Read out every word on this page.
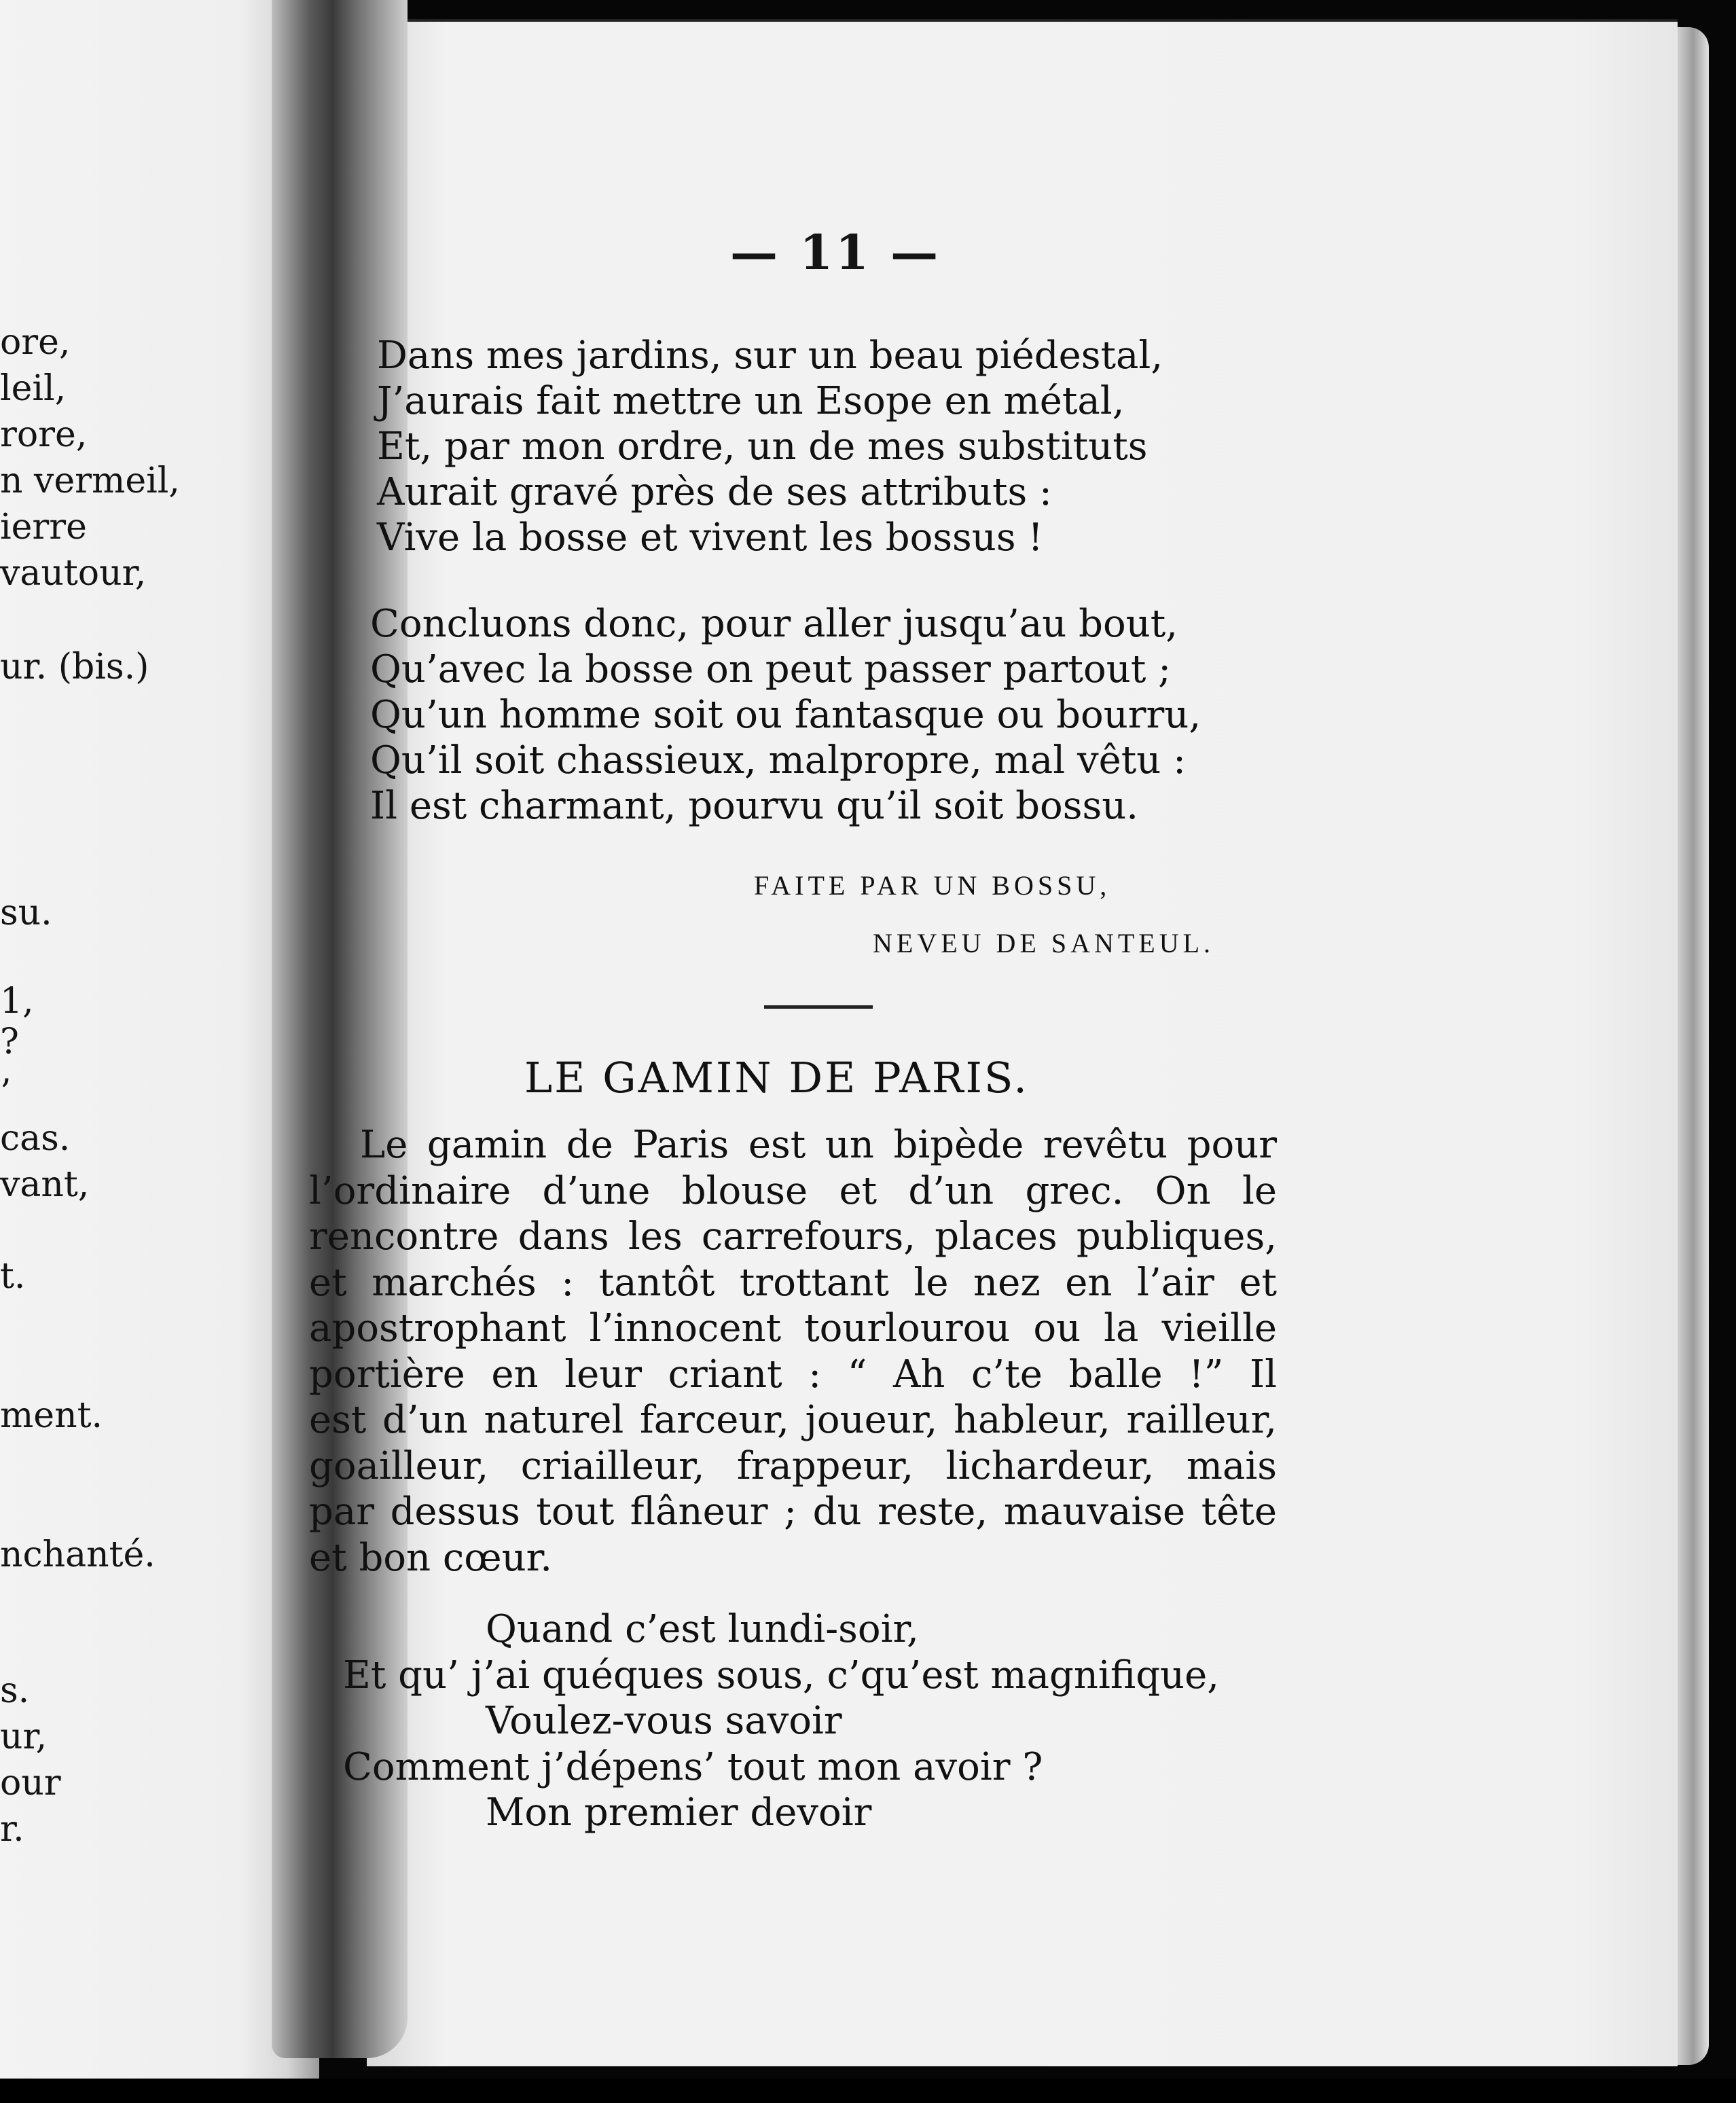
ore,

leil,

rore,

n vermeil,

ierre

vautour,

ur. (bis.)

su.

1,

?

’

cas.

vant,

t.

ment.

nchanté.

s.

ur,

our

r.

— 11 —
Dans mes jardins, sur un beau piédestal,
J’aurais fait mettre un Esope en métal,
Et, par mon ordre, un de mes substituts
Aurait gravé près de ses attributs :
Vive la bosse et vivent les bossus !
Concluons donc, pour aller jusqu’au bout,
Qu’avec la bosse on peut passer partout ;
Qu’un homme soit ou fantasque ou bourru,
Qu’il soit chassieux, malpropre, mal vêtu :
Il est charmant, pourvu qu’il soit bossu.
FAITE PAR UN BOSSU,
NEVEU DE SANTEUL.
LE GAMIN DE PARIS.
Le gamin de Paris est un bipède revêtu pour
l’ordinaire d’une blouse et d’un grec. On le
rencontre dans les carrefours, places publiques,
et marchés : tantôt trottant le nez en l’air et
apostrophant l’innocent tourlourou ou la vieille
portière en leur criant : “ Ah c’te balle !” Il
est d’un naturel farceur, joueur, hableur, railleur,
goailleur, criailleur, frappeur, lichardeur, mais
par dessus tout flâneur ; du reste, mauvaise tête
et bon cœur.
Quand c’est lundi-soir,
Et qu’ j’ai quéques sous, c’qu’est magnifique,
Voulez-vous savoir
Comment j’dépens’ tout mon avoir ?
Mon premier devoir
